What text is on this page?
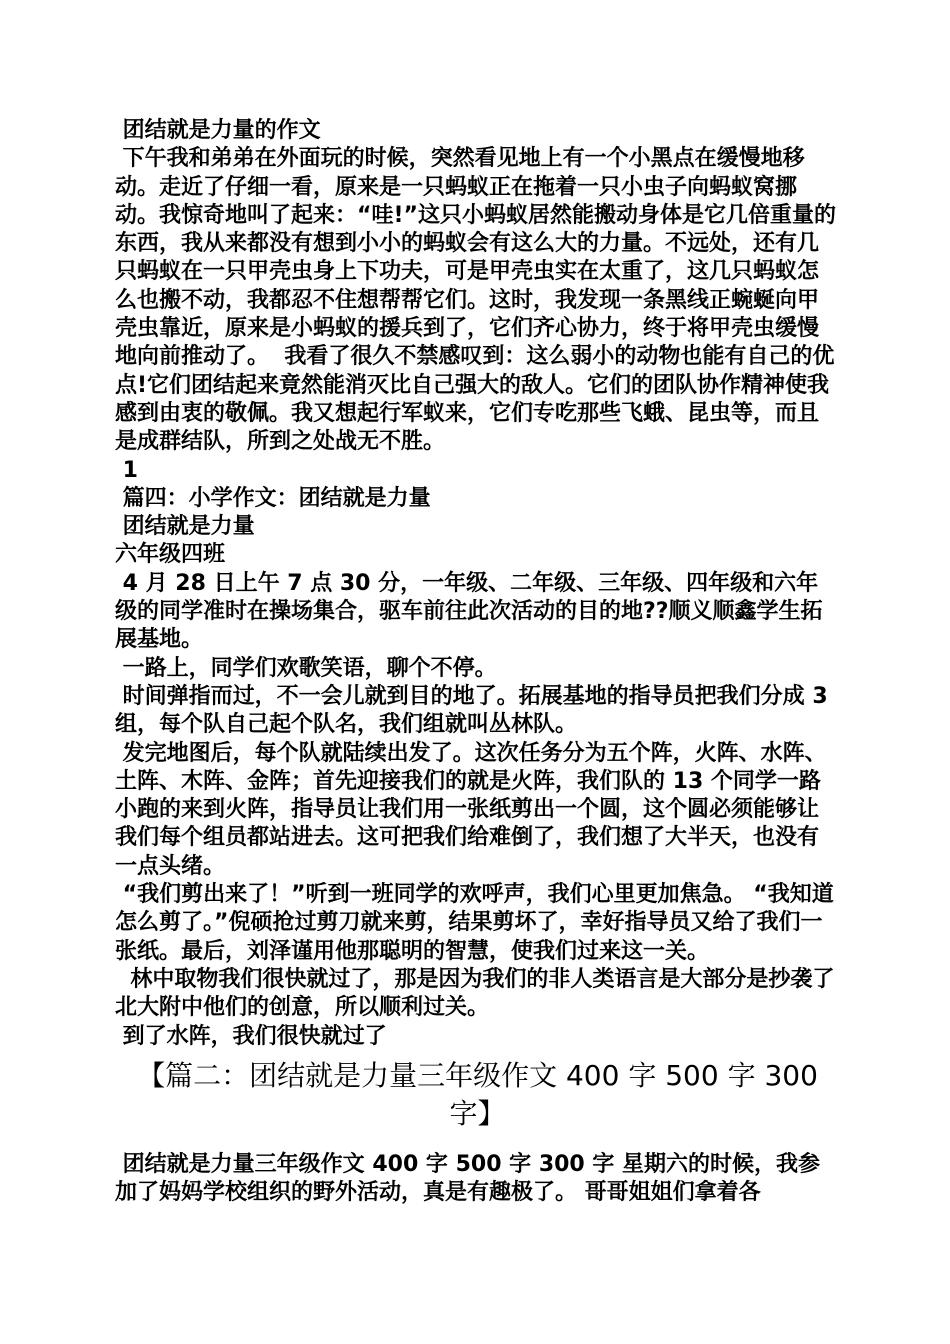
团结就是力量的作文

下午我和弟弟在外面玩的时候，突然看见地上有一个小黑点在缓慢地移动。走近了仔细一看，原来是一只蚂蚁正在拖着一只小虫子向蚂蚁窝挪动。我惊奇地叫了起来：“哇!”这只小蚂蚁居然能搬动身体是它几倍重量的东西，我从来都没有想到小小的蚂蚁会有这么大的力量。不远处，还有几只蚂蚁在一只甲壳虫身上下功夫，可是甲壳虫实在太重了，这几只蚂蚁怎么也搬不动，我都忍不住想帮帮它们。这时，我发现一条黑线正蜿蜒向甲壳虫靠近，原来是小蚂蚁的援兵到了，它们齐心协力，终于将甲壳虫缓慢地向前推动了。  我看了很久不禁感叹到：这么弱小的动物也能有自己的优点!它们团结起来竟然能消灭比自己强大的敌人。它们的团队协作精神使我感到由衷的敬佩。我又想起行军蚁来，它们专吃那些飞蛾、昆虫等，而且是成群结队，所到之处战无不胜。

1

篇四：小学作文：团结就是力量

团结就是力量

六年级四班

4 月 28 日上午 7 点 30 分，一年级、二年级、三年级、四年级和六年级的同学准时在操场集合，驱车前往此次活动的目的地??顺义顺鑫学生拓展基地。

一路上，同学们欢歌笑语，聊个不停。

时间弹指而过，不一会儿就到目的地了。拓展基地的指导员把我们分成 3 组，每个队自己起个队名，我们组就叫丛林队。

发完地图后，每个队就陆续出发了。这次任务分为五个阵，火阵、水阵、土阵、木阵、金阵；首先迎接我们的就是火阵，我们队的 13 个同学一路小跑的来到火阵，指导员让我们用一张纸剪出一个圆，这个圆必须能够让我们每个组员都站进去。这可把我们给难倒了，我们想了大半天，也没有一点头绪。

“我们剪出来了！”听到一班同学的欢呼声，我们心里更加焦急。 “我知道怎么剪了。”倪硕抢过剪刀就来剪，结果剪坏了，幸好指导员又给了我们一张纸。最后，刘泽谨用他那聪明的智慧，使我们过来这一关。

林中取物我们很快就过了，那是因为我们的非人类语言是大部分是抄袭了北大附中他们的创意，所以顺利过关。

到了水阵，我们很快就过了

【篇二：团结就是力量三年级作文 400 字 500 字 300 字】

团结就是力量三年级作文 400 字 500 字 300 字 星期六的时候，我参加了妈妈学校组织的野外活动，真是有趣极了。 哥哥姐姐们拿着各
